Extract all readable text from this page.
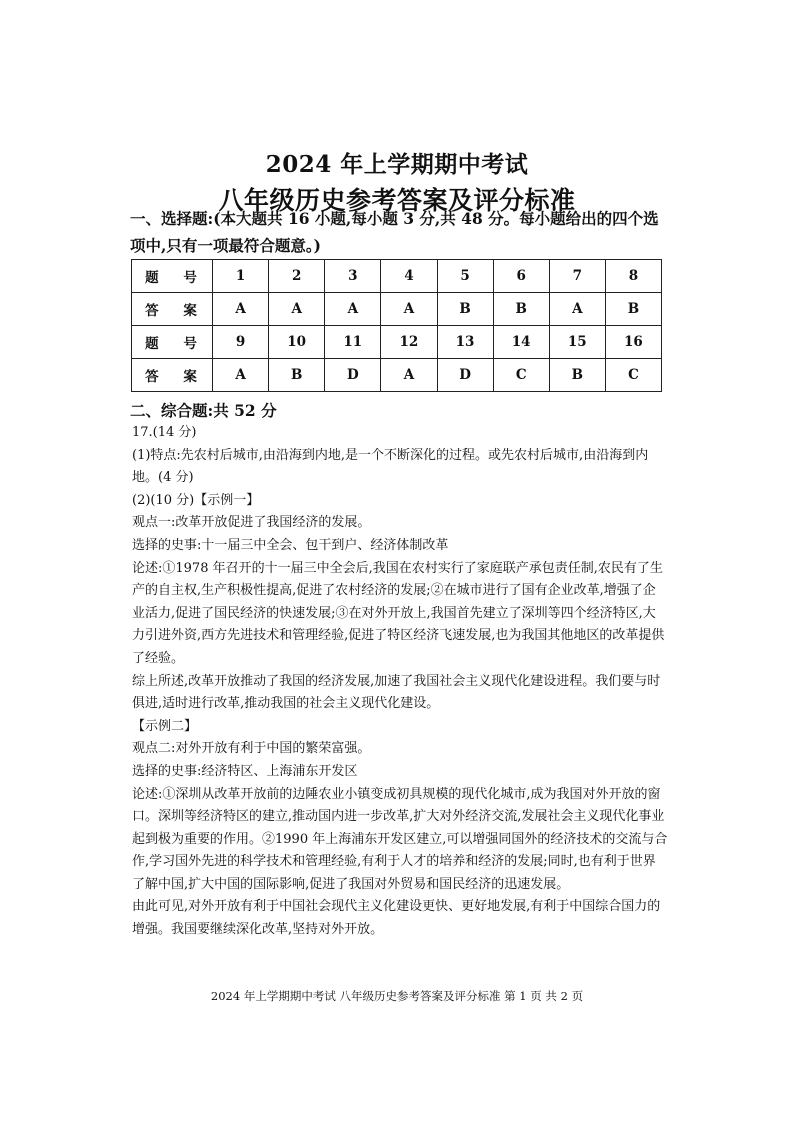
2024 年上学期期中考试
八年级历史参考答案及评分标准
一、选择题:(本大题共 16 小题,每小题 3 分,共 48 分。每小题给出的四个选项中,只有一项最符合题意。)
题 号	1	2	3	4	5	6	7	8
答 案	A	A	A	A	B	B	A	B
题 号	9	10	11	12	13	14	15	16
答 案	A	B	D	A	D	C	B	C
二、综合题:共 52 分

17.(14 分)

(1)特点:先农村后城市,由沿海到内地,是一个不断深化的过程。或先农村后城市,由沿海到内地。(4 分)

(2)(10 分)【示例一】

观点一:改革开放促进了我国经济的发展。

选择的史事:十一届三中全会、包干到户、经济体制改革

论述:①1978 年召开的十一届三中全会后,我国在农村实行了家庭联产承包责任制,农民有了生产的自主权,生产积极性提高,促进了农村经济的发展;②在城市进行了国有企业改革,增强了企业活力,促进了国民经济的快速发展;③在对外开放上,我国首先建立了深圳等四个经济特区,大力引进外资,西方先进技术和管理经验,促进了特区经济飞速发展,也为我国其他地区的改革提供了经验。

综上所述,改革开放推动了我国的经济发展,加速了我国社会主义现代化建设进程。我们要与时俱进,适时进行改革,推动我国的社会主义现代化建设。

【示例二】

观点二:对外开放有利于中国的繁荣富强。

选择的史事:经济特区、上海浦东开发区

论述:①深圳从改革开放前的边陲农业小镇变成初具规模的现代化城市,成为我国对外开放的窗口。深圳等经济特区的建立,推动国内进一步改革,扩大对外经济交流,发展社会主义现代化事业起到极为重要的作用。②1990 年上海浦东开发区建立,可以增强同国外的经济技术的交流与合作,学习国外先进的科学技术和管理经验,有利于人才的培养和经济的发展;同时,也有利于世界了解中国,扩大中国的国际影响,促进了我国对外贸易和国民经济的迅速发展。

由此可见,对外开放有利于中国社会现代主义化建设更快、更好地发展,有利于中国综合国力的增强。我国要继续深化改革,坚持对外开放。

2024 年上学期期中考试 八年级历史参考答案及评分标准 第 1 页 共 2 页
